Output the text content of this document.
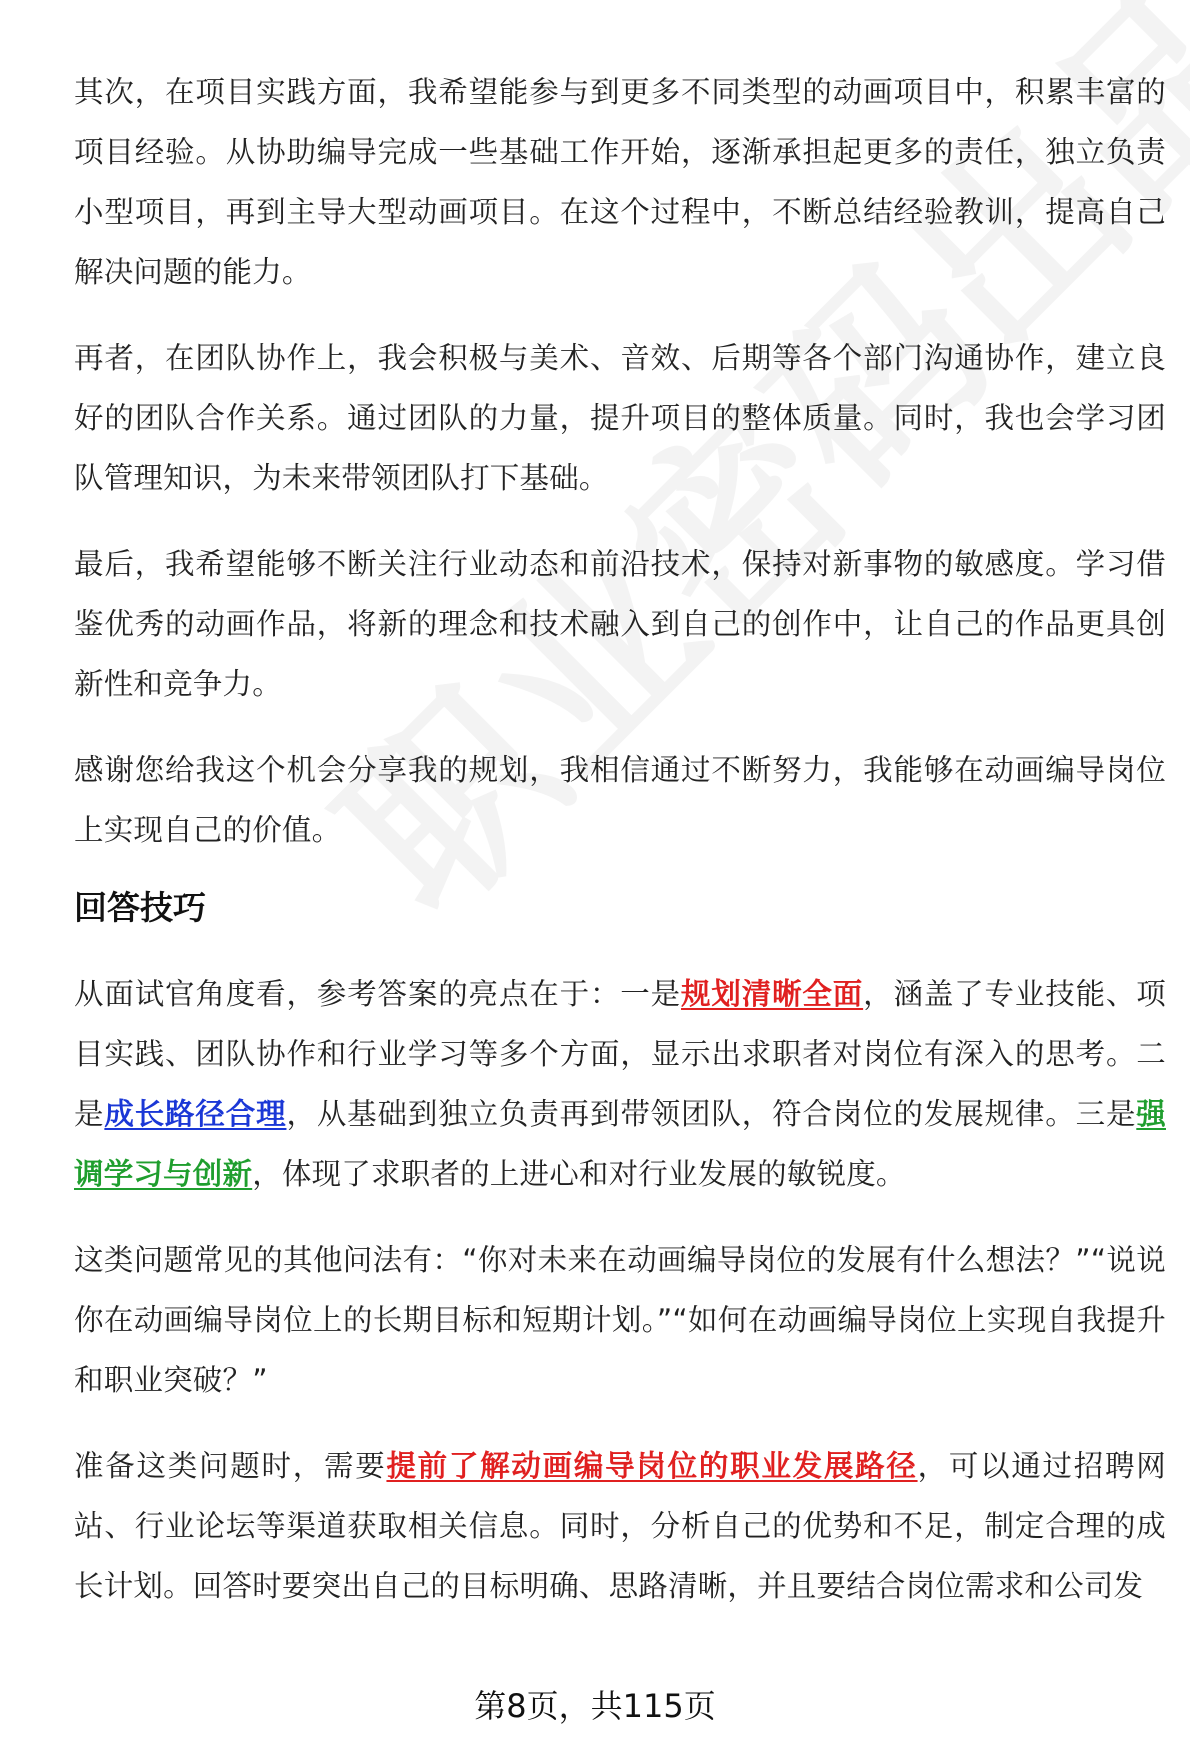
其次，在项目实践方面，我希望能参与到更多不同类型的动画项目中，积累丰富的项目经验。从协助编导完成一些基础工作开始，逐渐承担起更多的责任，独立负责小型项目，再到主导大型动画项目。在这个过程中，不断总结经验教训，提高自己解决问题的能力。

再者，在团队协作上，我会积极与美术、音效、后期等各个部门沟通协作，建立良好的团队合作关系。通过团队的力量，提升项目的整体质量。同时，我也会学习团队管理知识，为未来带领团队打下基础。

最后，我希望能够不断关注行业动态和前沿技术，保持对新事物的敏感度。学习借鉴优秀的动画作品，将新的理念和技术融入到自己的创作中，让自己的作品更具创新性和竞争力。

感谢您给我这个机会分享我的规划，我相信通过不断努力，我能够在动画编导岗位上实现自己的价值。

回答技巧

从面试官角度看，参考答案的亮点在于：一是规划清晰全面，涵盖了专业技能、项目实践、团队协作和行业学习等多个方面，显示出求职者对岗位有深入的思考。二是成长路径合理，从基础到独立负责再到带领团队，符合岗位的发展规律。三是强调学习与创新，体现了求职者的上进心和对行业发展的敏锐度。

这类问题常见的其他问法有：“你对未来在动画编导岗位的发展有什么想法？”“说说你在动画编导岗位上的长期目标和短期计划。”“如何在动画编导岗位上实现自我提升和职业突破？”

准备这类问题时，需要提前了解动画编导岗位的职业发展路径，可以通过招聘网站、行业论坛等渠道获取相关信息。同时，分析自己的优势和不足，制定合理的成长计划。回答时要突出自己的目标明确、思路清晰，并且要结合岗位需求和公司发

第8页，共115页
